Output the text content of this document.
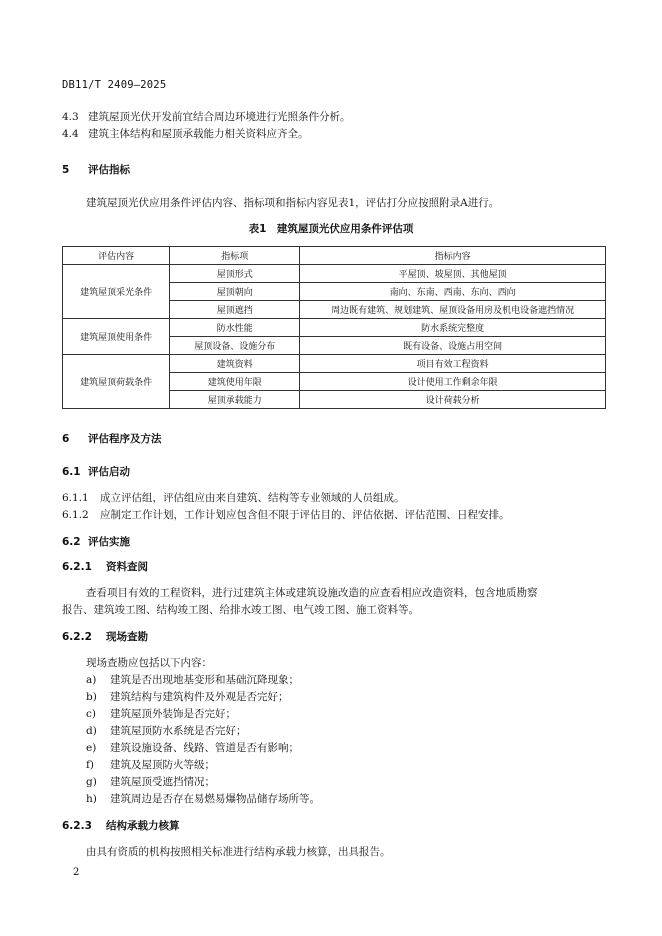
DB11/T 2409—2025
4.3 建筑屋顶光伏开发前宜结合周边环境进行光照条件分析。
4.4 建筑主体结构和屋顶承载能力相关资料应齐全。
5 评估指标
建筑屋顶光伏应用条件评估内容、指标项和指标内容见表1，评估打分应按照附录A进行。
表1　建筑屋顶光伏应用条件评估项
评估内容	指标项	指标内容
建筑屋顶采光条件	屋顶形式	平屋顶、坡屋顶、其他屋顶
	屋顶朝向	南向、东南、西南、东向、西向
	屋顶遮挡	周边既有建筑、规划建筑、屋顶设备用房及机电设备遮挡情况
建筑屋顶使用条件	防水性能	防水系统完整度
	屋顶设备、设施分布	既有设备、设施占用空间
建筑屋顶荷载条件	建筑资料	项目有效工程资料
	建筑使用年限	设计使用工作剩余年限
	屋顶承载能力	设计荷载分析
6 评估程序及方法
6.1 评估启动
6.1.1 成立评估组，评估组应由来自建筑、结构等专业领域的人员组成。
6.1.2 应制定工作计划，工作计划应包含但不限于评估目的、评估依据、评估范围、日程安排。
6.2 评估实施
6.2.1 资料查阅
查看项目有效的工程资料，进行过建筑主体或建筑设施改造的应查看相应改造资料，包含地质勘察
报告、建筑竣工图、结构竣工图、给排水竣工图、电气竣工图、施工资料等。
6.2.2 现场查勘
现场查勘应包括以下内容：
a) 建筑是否出现地基变形和基础沉降现象；
b) 建筑结构与建筑构件及外观是否完好；
c) 建筑屋顶外装饰是否完好；
d) 建筑屋顶防水系统是否完好；
e) 建筑设施设备、线路、管道是否有影响；
f) 建筑及屋顶防火等级；
g) 建筑屋顶受遮挡情况；
h) 建筑周边是否存在易燃易爆物品储存场所等。
6.2.3 结构承载力核算
由具有资质的机构按照相关标准进行结构承载力核算，出具报告。
2
